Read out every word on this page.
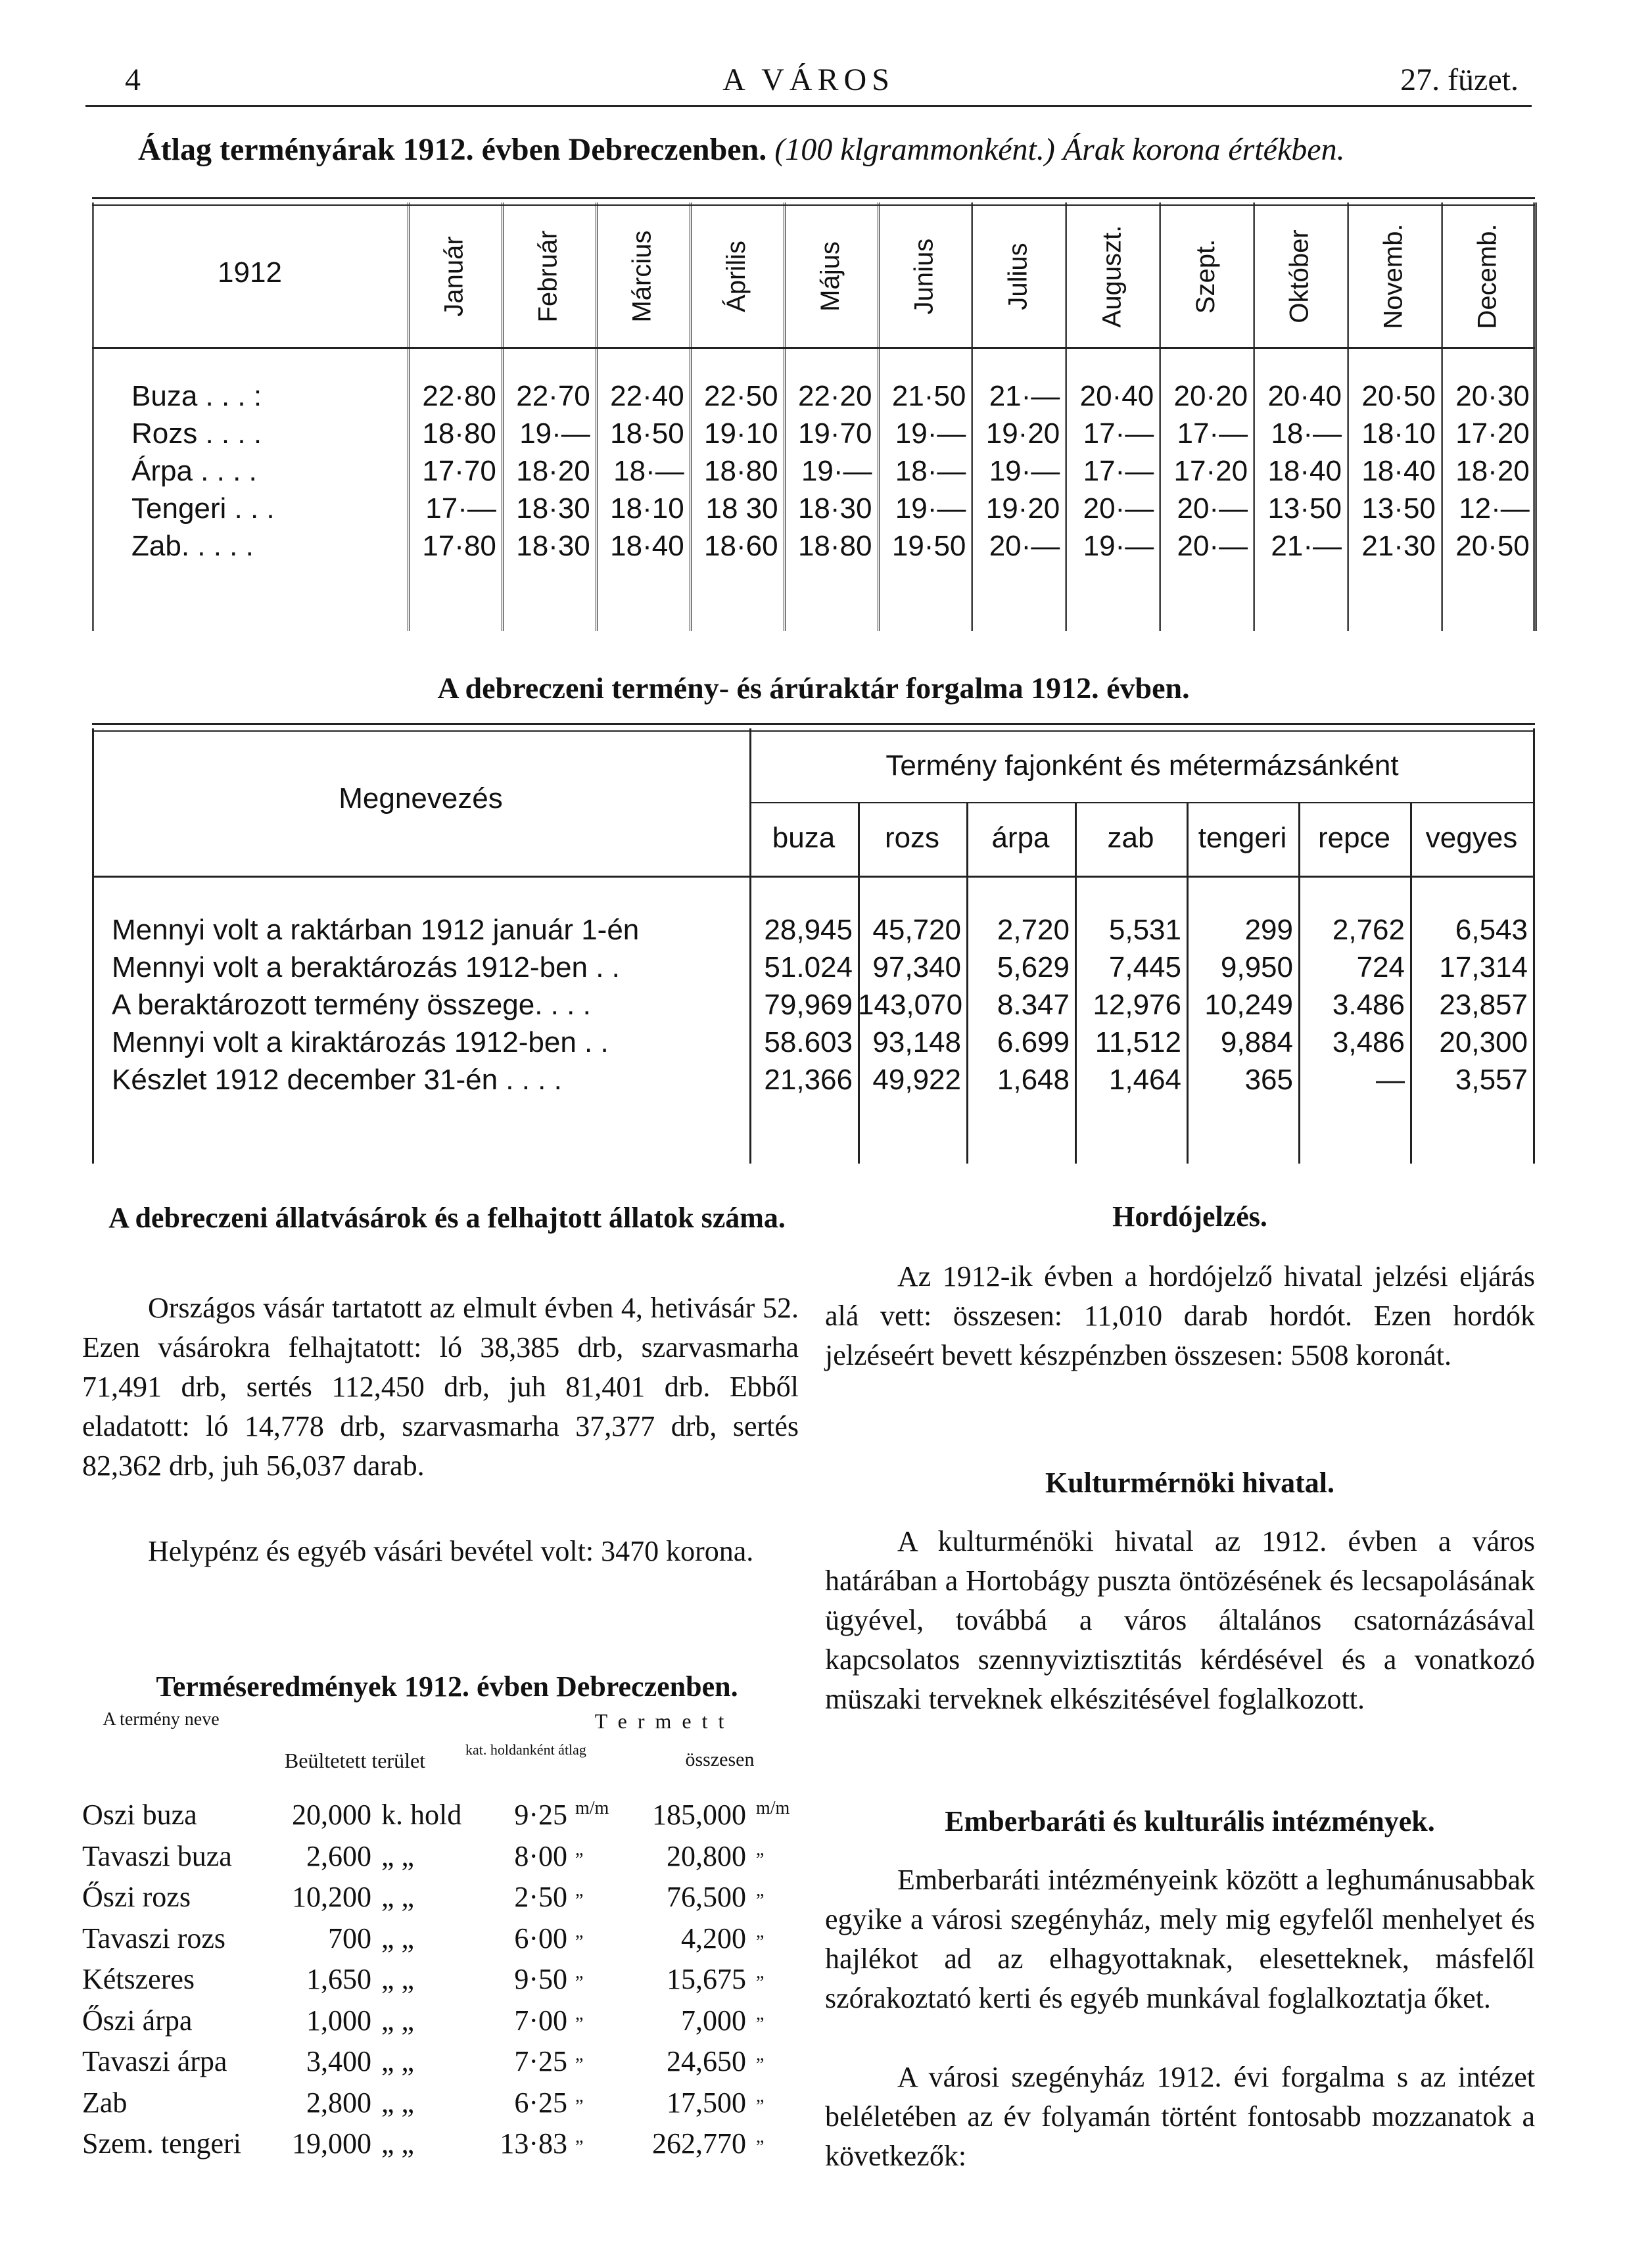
4	A VÁROS	27. füzet.
Átlag terményárak 1912. évben Debreczenben. (100 klgrammonként.) Árak korona értékben.
1912	Január Február Március Április Május Junius Julius Auguszt. Szept. Október Novemb. Decemb.
Buza . . . :	22·80 22·70 22·40 22·50 22·20 21·50 21·— 20·40 20·20 20·40 20·50 20·30
Rozs . . . .	18·80 19·— 18·50 19·10 19·70 19·— 19·20 17·— 17·— 18·— 18·10 17·20
Árpa . . . .	17·70 18·20 18·— 18·80 19·— 18·— 19·— 17·— 17·20 18·40 18·40 18·20
Tengeri . . .	17·— 18·30 18·10 18 30 18·30 19·— 19·20 20·— 20·— 13·50 13·50 12·—
Zab. . . . .	17·80 18·30 18·40 18·60 18·80 19·50 20·— 19·— 20·— 21·— 21·30 20·50
A debreczeni termény- és árúraktár forgalma 1912. évben.
Megnevezés
Termény fajonként és métermázsánként
buza	rozs	árpa	zab	tengeri	repce	vegyes
Mennyi volt a raktárban 1912 január 1-én	28,945 45,720	2,720	5,531	299	2,762	6,543
Mennyi volt a beraktározás 1912-ben . .	51.024 97,340	5,629	7,445	9,950	724	17,314
A beraktározott termény összege. . . .	79,969 143,070	8.347 12,976 10,249	3.486	23,857
Mennyi volt a kiraktározás 1912-ben . .	58.603 93,148	6.699 11,512	9,884	3,486	20,300
Készlet 1912 december 31-én . . . .	21,366 49,922	1,648	1,464	365	—	3,557
A debreczeni állatvásárok és a felhajtott állatok száma.
Országos vásár tartatott az elmult évben 4, hetivásár 52. Ezen vásárokra felhajtatott: ló 38,385 drb, szarvasmarha 71,491 drb, sertés 112,450 drb, juh 81,401 drb. Ebből eladatott: ló 14,778 drb, szarvasmarha 37,377 drb, sertés 82,362 drb, juh 56,037 darab.
Helypénz és egyéb vásári bevétel volt: 3470 korona.
Terméseredmények 1912. évben Debreczenben.
A termény neve
Beültetett terület
T e r m e t t
kat. holdanként átlag	összesen
Oszi buza	20,000 k. hold 9·25 m/m 185,000 m/m
Tavaszi buza	2,600 „ „	8·00 „	20,800 „
Őszi rozs	10,200 „ „	2·50 „	76,500 „
Tavaszi rozs	700 „ „	6·00 „	4,200 „
Kétszeres	1,650 „ „	9·50 „	15,675 „
Őszi árpa	1,000 „ „	7·00 „	7,000 „
Tavaszi árpa	3,400 „ „	7·25 „	24,650 „
Zab	2,800 „ „	6·25 „	17,500 „
Szem. tengeri 19,000 „ „	13·83 „ 262,770 „
Hordójelzés.
Az 1912-ik évben a hordójelző hivatal jelzési eljárás alá vett: összesen: 11,010 darab hordót. Ezen hordók jelzéseért bevett készpénzben összesen: 5508 koronát.
Kulturmérnöki hivatal.
A kulturménöki hivatal az 1912. évben a város határában a Hortobágy puszta öntözésének és lecsapolásának ügyével, továbbá a város általános csatornázásával kapcsolatos szennyviztisztitás kérdésével és a vonatkozó müszaki terveknek elkészitésével foglalkozott.
Emberbaráti és kulturális intézmények.
Emberbaráti intézményeink között a leghumánusabbak egyike a városi szegényház, mely mig egyfelől menhelyet és hajlékot ad az elhagyottaknak, elesetteknek, másfelől szórakoztató kerti és egyéb munkával foglalkoztatja őket.
A városi szegényház 1912. évi forgalma s az intézet beléletében az év folyamán történt fontosabb mozzanatok a következők:
